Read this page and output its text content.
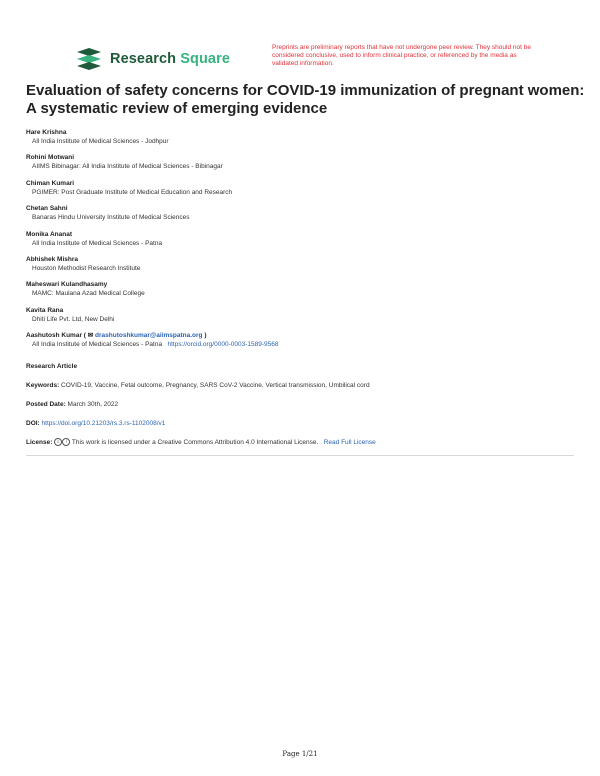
Research Square
Preprints are preliminary reports that have not undergone peer review. They should not be considered conclusive, used to inform clinical practice, or referenced by the media as validated information.
Evaluation of safety concerns for COVID-19 immunization of pregnant women: A systematic review of emerging evidence
Hare Krishna
All India Institute of Medical Sciences - Jodhpur
Rohini Motwani
AIIMS Bibinagar: All India Institute of Medical Sciences - Bibinagar
Chiman Kumari
PGIMER: Post Graduate Institute of Medical Education and Research
Chetan Sahni
Banaras Hindu University Institute of Medical Sciences
Monika Ananat
All India Institute of Medical Sciences - Patna
Abhishek Mishra
Houston Methodist Research Institute
Maheswari Kulandhasamy
MAMC: Maulana Azad Medical College
Kavita Rana
Dhiti Life Pvt. Ltd, New Delhi
Aashutosh Kumar ( ✉ drashutoshkumar@aiimspatna.org )
All India Institute of Medical Sciences - Patna https://orcid.org/0000-0003-1589-9568
Research Article
Keywords: COVID-19, Vaccine, Fetal outcome, Pregnancy, SARS CoV-2 Vaccine, Vertical transmission, Umbilical cord
Posted Date: March 30th, 2022
DOI: https://doi.org/10.21203/rs.3.rs-1102008/v1
License: c i This work is licensed under a Creative Commons Attribution 4.0 International License. Read Full License
Page 1/21
